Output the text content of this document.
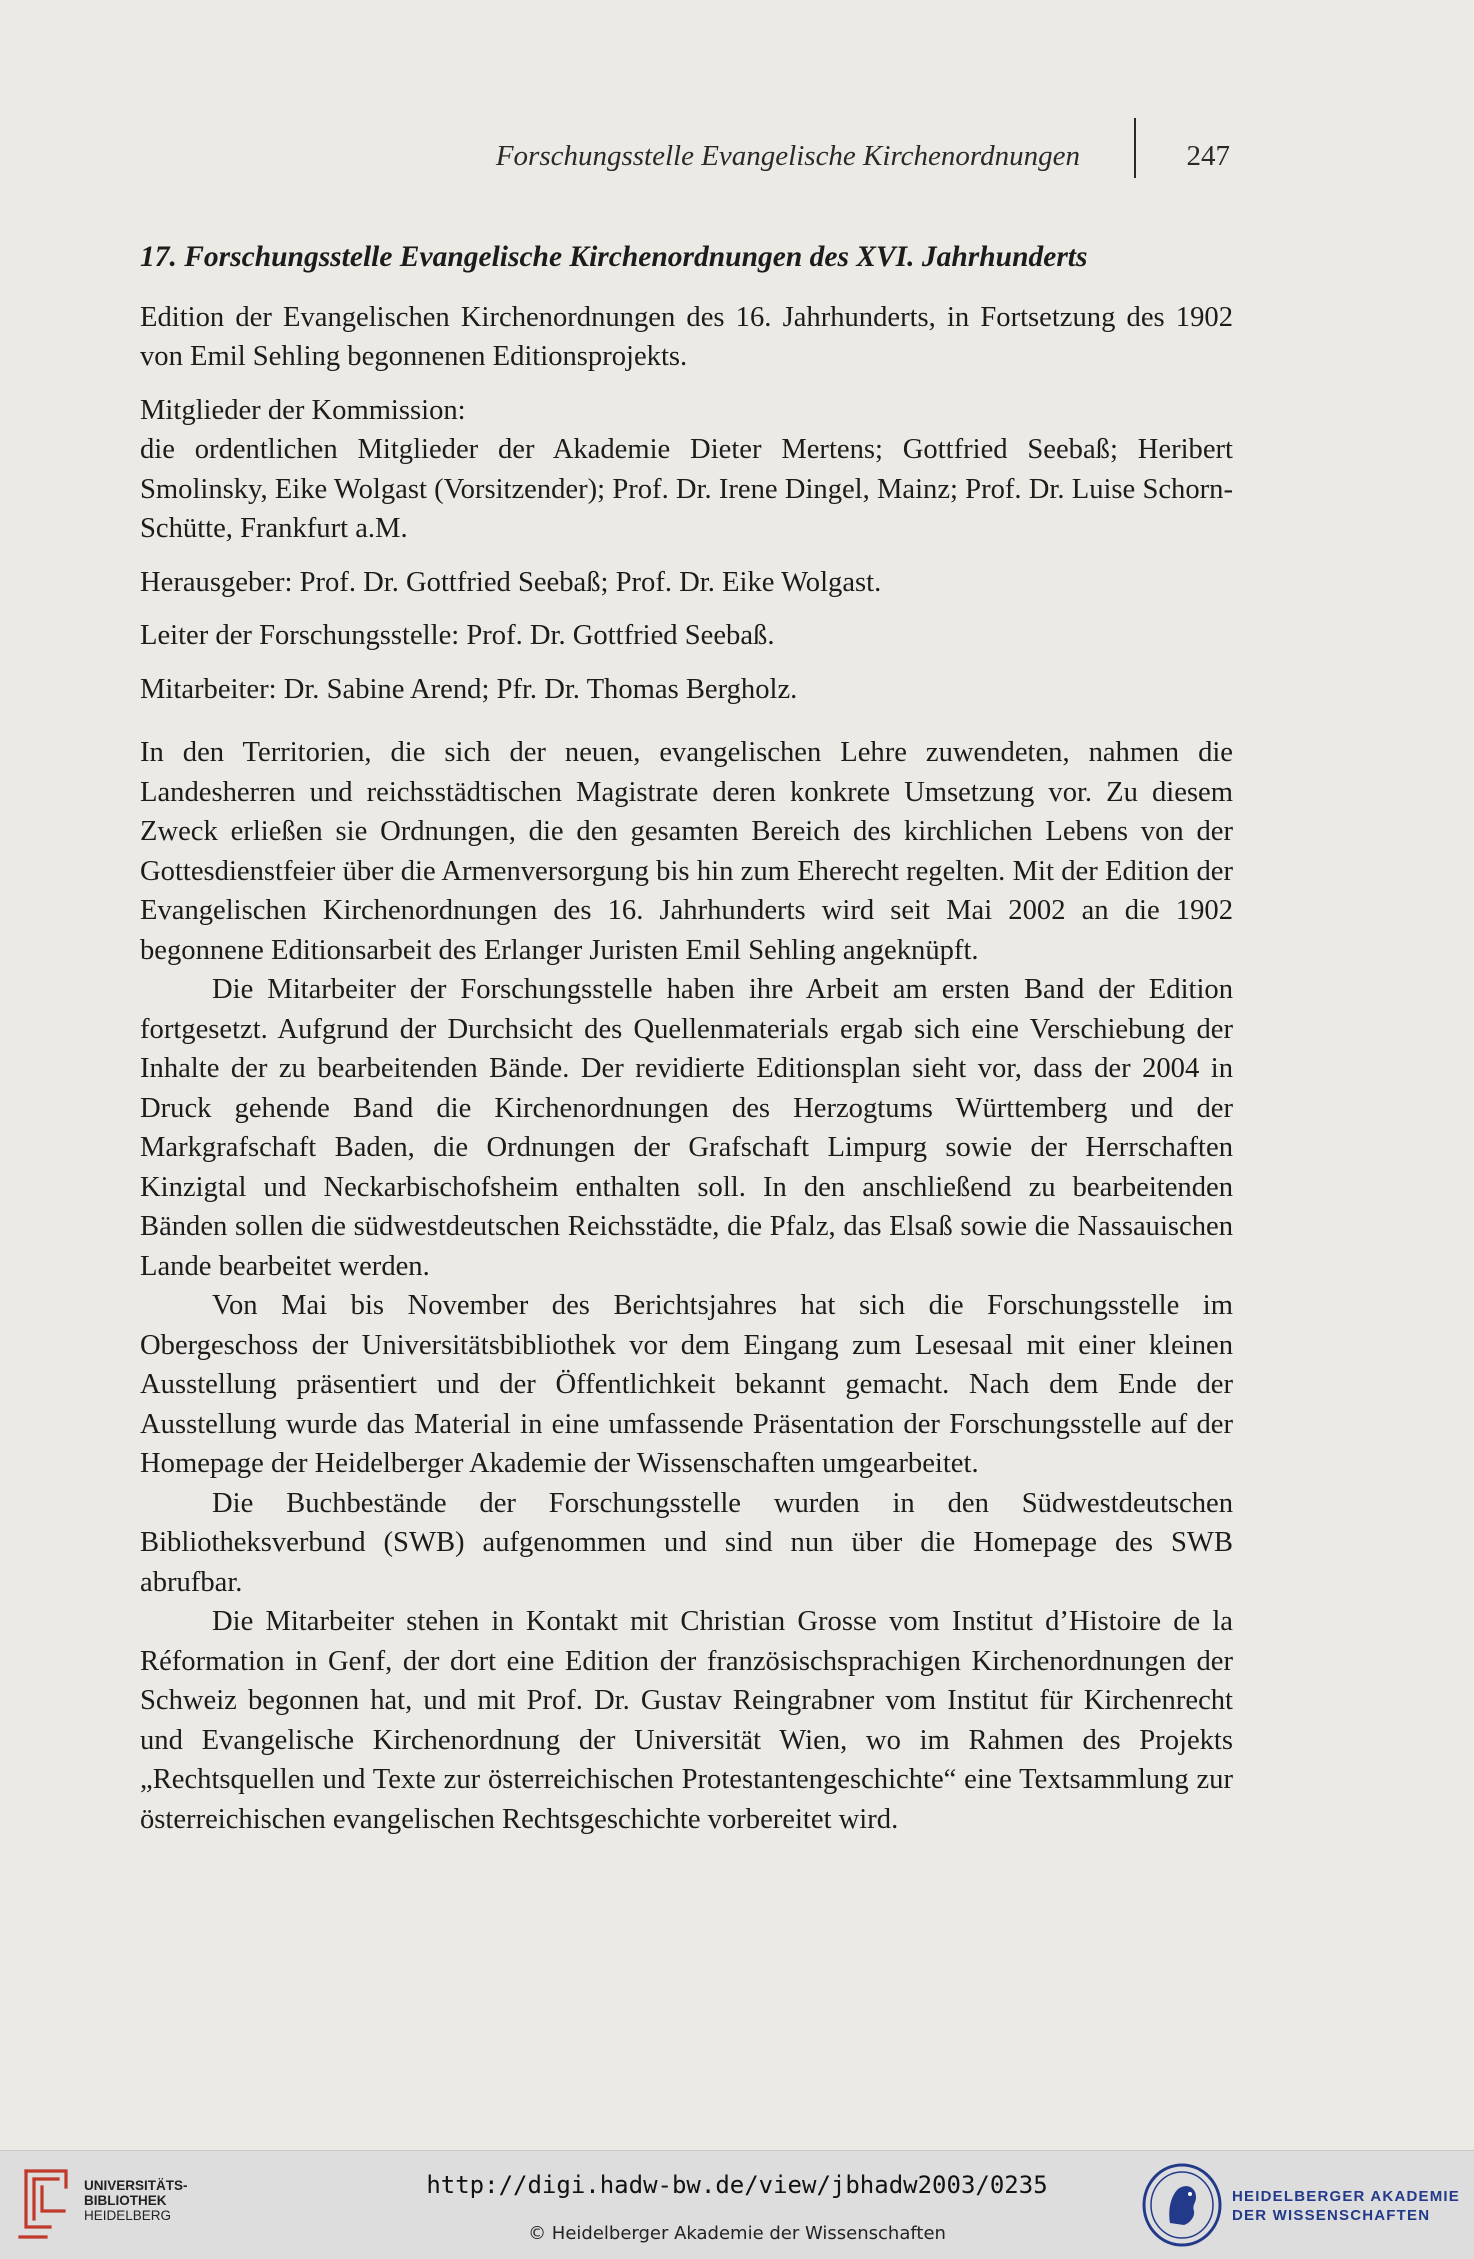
Forschungsstelle Evangelische Kirchenordnungen	247
17. Forschungsstelle Evangelische Kirchenordnungen des XVI. Jahrhunderts

Edition der Evangelischen Kirchenordnungen des 16. Jahrhunderts, in Fortsetzung des 1902 von Emil Sehling begonnenen Editionsprojekts.

Mitglieder der Kommission:

die ordentlichen Mitglieder der Akademie Dieter Mertens; Gottfried Seebaß; Heribert Smolinsky, Eike Wolgast (Vorsitzender); Prof. Dr. Irene Dingel, Mainz; Prof. Dr. Luise Schorn-Schütte, Frankfurt a.M.

Herausgeber: Prof. Dr. Gottfried Seebaß; Prof. Dr. Eike Wolgast.

Leiter der Forschungsstelle: Prof. Dr. Gottfried Seebaß.

Mitarbeiter: Dr. Sabine Arend; Pfr. Dr. Thomas Bergholz.

In den Territorien, die sich der neuen, evangelischen Lehre zuwendeten, nahmen die Landesherren und reichsstädtischen Magistrate deren konkrete Umsetzung vor. Zu diesem Zweck erließen sie Ordnungen, die den gesamten Bereich des kirchlichen Lebens von der Gottesdienstfeier über die Armenversorgung bis hin zum Eherecht regelten. Mit der Edition der Evangelischen Kirchenordnungen des 16. Jahrhunderts wird seit Mai 2002 an die 1902 begonnene Editionsarbeit des Erlanger Juristen Emil Sehling angeknüpft.

Die Mitarbeiter der Forschungsstelle haben ihre Arbeit am ersten Band der Edition fortgesetzt. Aufgrund der Durchsicht des Quellenmaterials ergab sich eine Verschiebung der Inhalte der zu bearbeitenden Bände. Der revidierte Editionsplan sieht vor, dass der 2004 in Druck gehende Band die Kirchenordnungen des Herzogtums Württemberg und der Markgrafschaft Baden, die Ordnungen der Grafschaft Limpurg sowie der Herrschaften Kinzigtal und Neckarbischofsheim enthalten soll. In den anschließend zu bearbeitenden Bänden sollen die südwestdeutschen Reichsstädte, die Pfalz, das Elsaß sowie die Nassauischen Lande bearbeitet werden.

Von Mai bis November des Berichtsjahres hat sich die Forschungsstelle im Obergeschoss der Universitätsbibliothek vor dem Eingang zum Lesesaal mit einer kleinen Ausstellung präsentiert und der Öffentlichkeit bekannt gemacht. Nach dem Ende der Ausstellung wurde das Material in eine umfassende Präsentation der Forschungsstelle auf der Homepage der Heidelberger Akademie der Wissenschaften umgearbeitet.

Die Buchbestände der Forschungsstelle wurden in den Südwestdeutschen Bibliotheksverbund (SWB) aufgenommen und sind nun über die Homepage des SWB abrufbar.

Die Mitarbeiter stehen in Kontakt mit Christian Grosse vom Institut d’Histoire de la Réformation in Genf, der dort eine Edition der französischsprachigen Kirchenordnungen der Schweiz begonnen hat, und mit Prof. Dr. Gustav Reingrabner vom Institut für Kirchenrecht und Evangelische Kirchenordnung der Universität Wien, wo im Rahmen des Projekts „Rechtsquellen und Texte zur österreichischen Protestantengeschichte“ eine Textsammlung zur österreichischen evangelischen Rechtsgeschichte vorbereitet wird.

UNIVERSITÄTS-
BIBLIOTHEK
HEIDELBERG
http://digi.hadw-bw.de/view/jbhadw2003/0235
© Heidelberger Akademie der Wissenschaften
HEIDELBERGER AKADEMIE
DER WISSENSCHAFTEN
